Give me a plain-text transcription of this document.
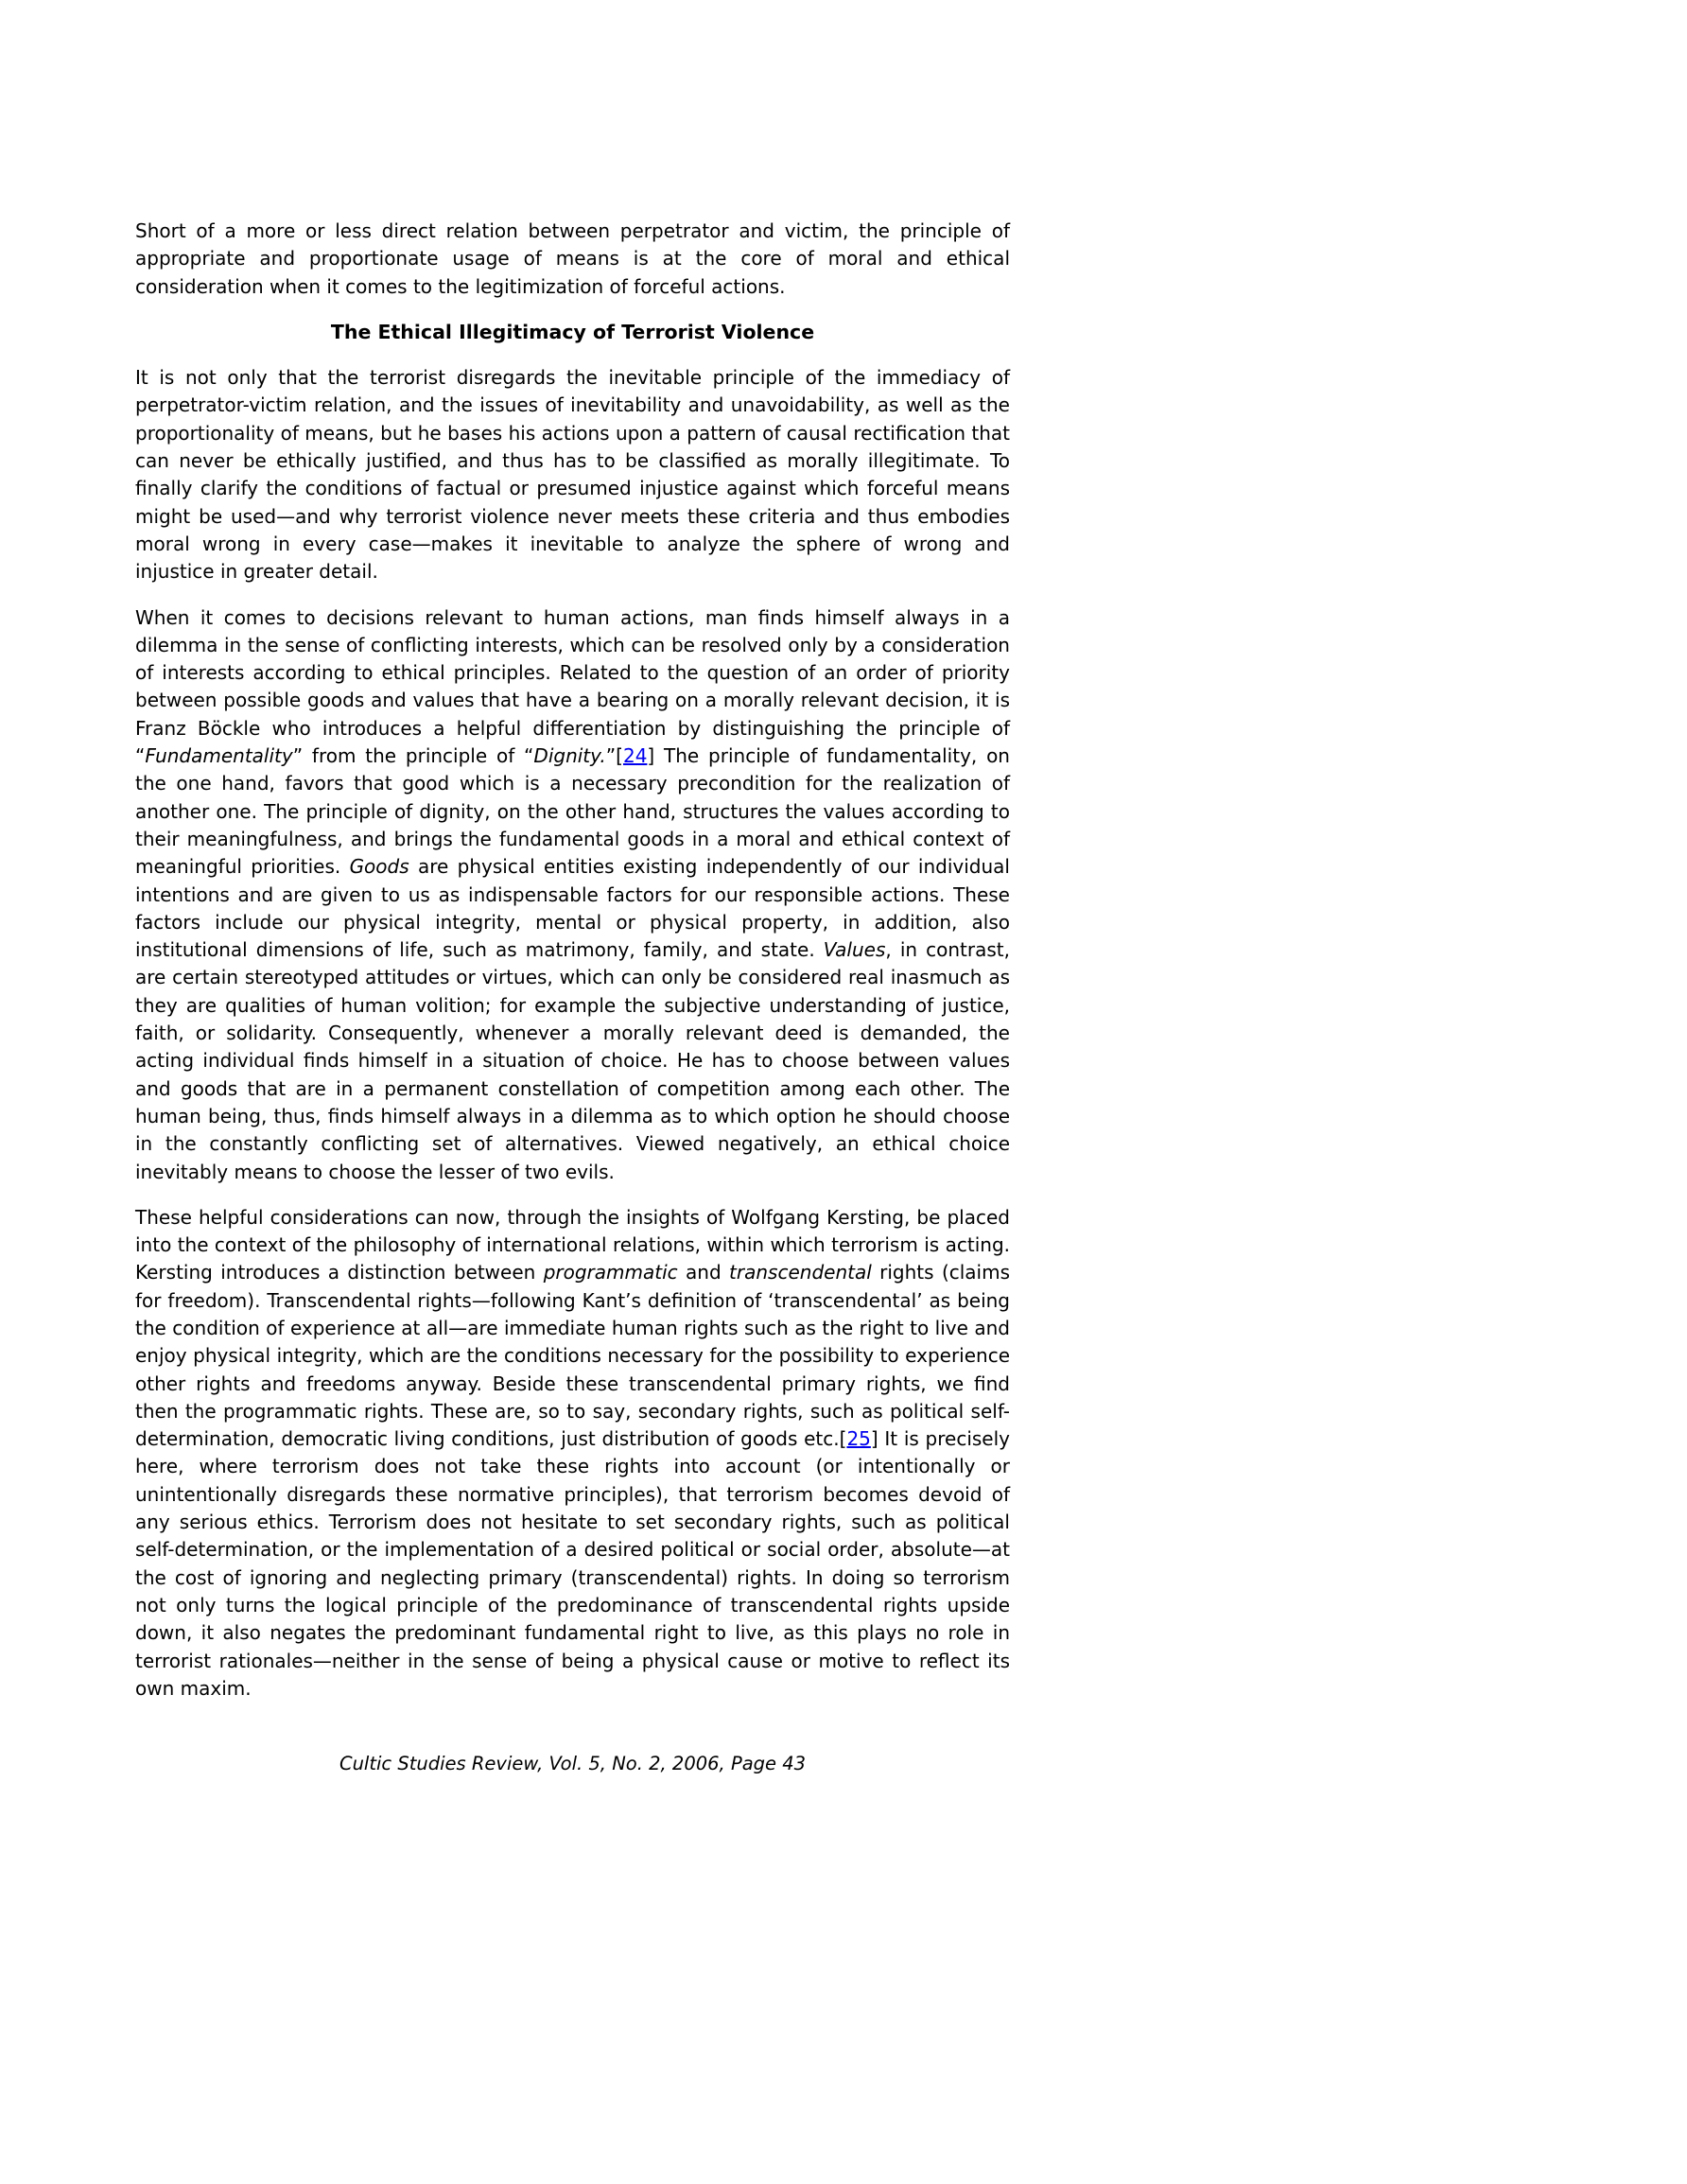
Short of a more or less direct relation between perpetrator and victim, the principle of appropriate and proportionate usage of means is at the core of moral and ethical consideration when it comes to the legitimization of forceful actions.

The Ethical Illegitimacy of Terrorist Violence

It is not only that the terrorist disregards the inevitable principle of the immediacy of perpetrator-victim relation, and the issues of inevitability and unavoidability, as well as the proportionality of means, but he bases his actions upon a pattern of causal rectification that can never be ethically justified, and thus has to be classified as morally illegitimate. To finally clarify the conditions of factual or presumed injustice against which forceful means might be used—and why terrorist violence never meets these criteria and thus embodies moral wrong in every case—makes it inevitable to analyze the sphere of wrong and injustice in greater detail.

When it comes to decisions relevant to human actions, man finds himself always in a dilemma in the sense of conflicting interests, which can be resolved only by a consideration of interests according to ethical principles. Related to the question of an order of priority between possible goods and values that have a bearing on a morally relevant decision, it is Franz Böckle who introduces a helpful differentiation by distinguishing the principle of “Fundamentality” from the principle of “Dignity.”[24] The principle of fundamentality, on the one hand, favors that good which is a necessary precondition for the realization of another one. The principle of dignity, on the other hand, structures the values according to their meaningfulness, and brings the fundamental goods in a moral and ethical context of meaningful priorities. Goods are physical entities existing independently of our individual intentions and are given to us as indispensable factors for our responsible actions. These factors include our physical integrity, mental or physical property, in addition, also institutional dimensions of life, such as matrimony, family, and state. Values, in contrast, are certain stereotyped attitudes or virtues, which can only be considered real inasmuch as they are qualities of human volition; for example the subjective understanding of justice, faith, or solidarity. Consequently, whenever a morally relevant deed is demanded, the acting individual finds himself in a situation of choice. He has to choose between values and goods that are in a permanent constellation of competition among each other. The human being, thus, finds himself always in a dilemma as to which option he should choose in the constantly conflicting set of alternatives. Viewed negatively, an ethical choice inevitably means to choose the lesser of two evils.

These helpful considerations can now, through the insights of Wolfgang Kersting, be placed into the context of the philosophy of international relations, within which terrorism is acting. Kersting introduces a distinction between programmatic and transcendental rights (claims for freedom). Transcendental rights—following Kant’s definition of ‘transcendental’ as being the condition of experience at all—are immediate human rights such as the right to live and enjoy physical integrity, which are the conditions necessary for the possibility to experience other rights and freedoms anyway. Beside these transcendental primary rights, we find then the programmatic rights. These are, so to say, secondary rights, such as political self-determination, democratic living conditions, just distribution of goods etc.[25] It is precisely here, where terrorism does not take these rights into account (or intentionally or unintentionally disregards these normative principles), that terrorism becomes devoid of any serious ethics. Terrorism does not hesitate to set secondary rights, such as political self-determination, or the implementation of a desired political or social order, absolute—at the cost of ignoring and neglecting primary (transcendental) rights. In doing so terrorism not only turns the logical principle of the predominance of transcendental rights upside down, it also negates the predominant fundamental right to live, as this plays no role in terrorist rationales—neither in the sense of being a physical cause or motive to reflect its own maxim.

Cultic Studies Review, Vol. 5, No. 2, 2006, Page 43
